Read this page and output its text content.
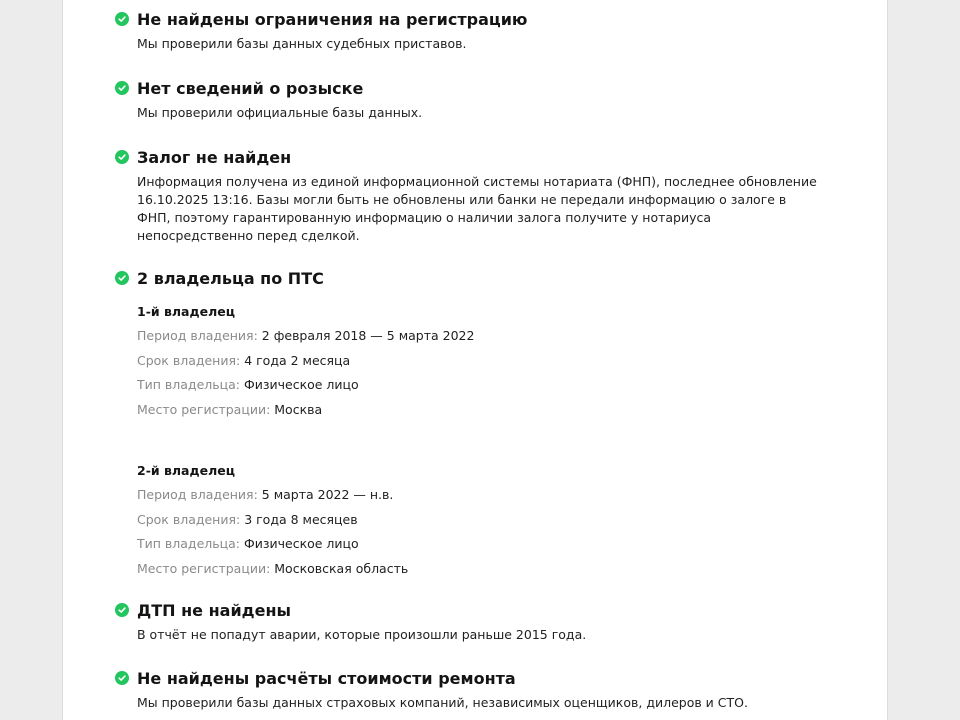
Не найдены ограничения на регистрацию
Мы проверили базы данных судебных приставов.
Нет сведений о розыске
Мы проверили официальные базы данных.
Залог не найден
Информация получена из единой информационной системы нотариата (ФНП), последнее обновление 16.10.2025 13:16. Базы могли быть не обновлены или банки не передали информацию о залоге в ФНП, поэтому гарантированную информацию о наличии залога получите у нотариуса непосредственно перед сделкой.
2 владельца по ПТС
1-й владелец
Период владения: 2 февраля 2018 — 5 марта 2022
Срок владения: 4 года 2 месяца
Тип владельца: Физическое лицо
Место регистрации: Москва
2-й владелец
Период владения: 5 марта 2022 — н.в.
Срок владения: 3 года 8 месяцев
Тип владельца: Физическое лицо
Место регистрации: Московская область
ДТП не найдены
В отчёт не попадут аварии, которые произошли раньше 2015 года.
Не найдены расчёты стоимости ремонта
Мы проверили базы данных страховых компаний, независимых оценщиков, дилеров и СТО.
